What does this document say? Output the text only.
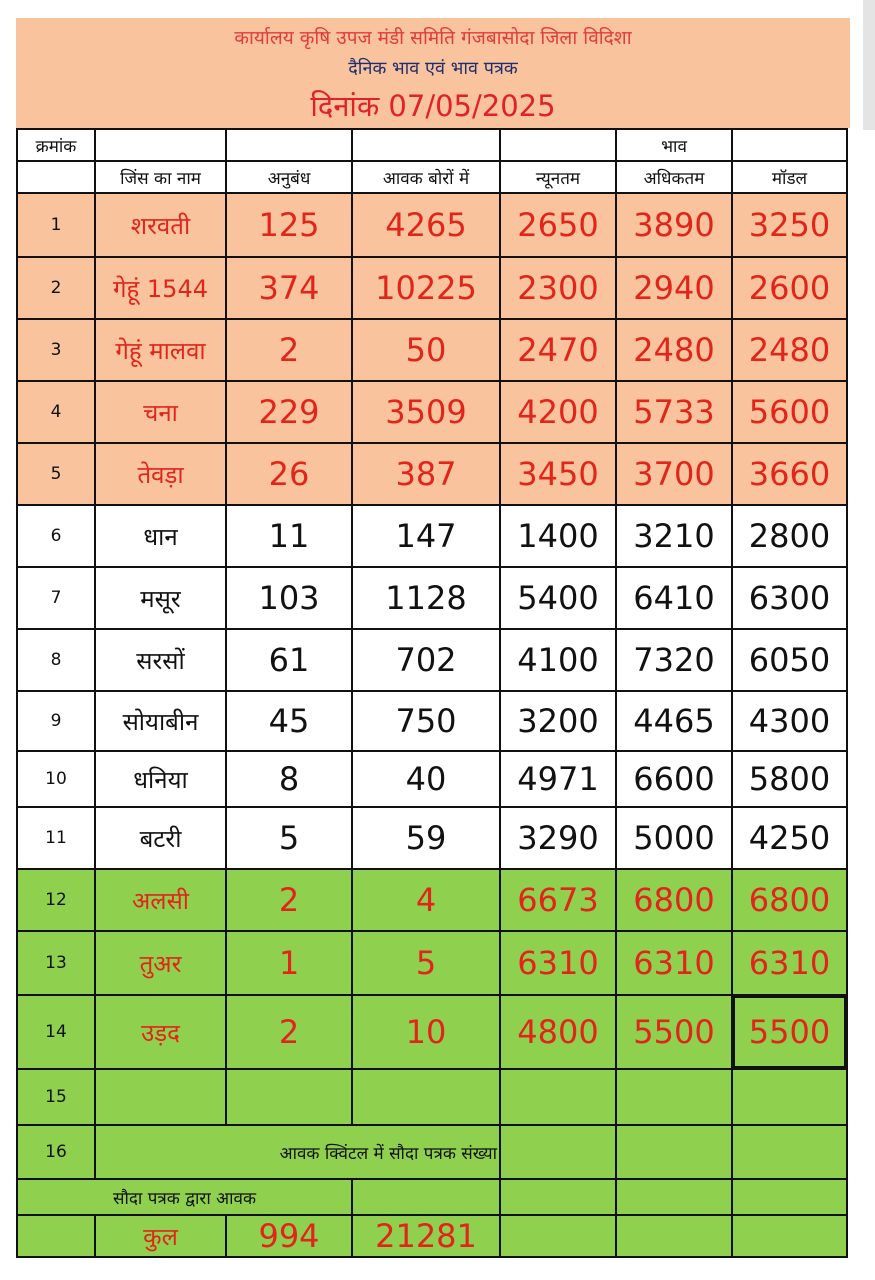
कार्यालय कृषि उपज मंडी समिति गंजबासोदा जिला विदिशा
दैनिक भाव एवं भाव पत्रक
दिनांक 07/05/2025
क्रमांक					भाव	
	जिंस का नाम	अनुबंध	आवक बोरों में	न्यूनतम	अधिकतम	मॉडल
1	शरवती	125	4265	2650	3890	3250
2	गेहूं 1544	374	10225	2300	2940	2600
3	गेहूं मालवा	2	50	2470	2480	2480
4	चना	229	3509	4200	5733	5600
5	तेवड़ा	26	387	3450	3700	3660
6	धान	11	147	1400	3210	2800
7	मसूर	103	1128	5400	6410	6300
8	सरसों	61	702	4100	7320	6050
9	सोयाबीन	45	750	3200	4465	4300
10	धनिया	8	40	4971	6600	5800
11	बटरी	5	59	3290	5000	4250
12	अलसी	2	4	6673	6800	6800
13	तुअर	1	5	6310	6310	6310
14	उड़द	2	10	4800	5500	5500
15						
16	आवक क्विंटल में सौदा पत्रक संख्या					
सौदा पत्रक द्वारा आवक						
	कुल	994	21281			
